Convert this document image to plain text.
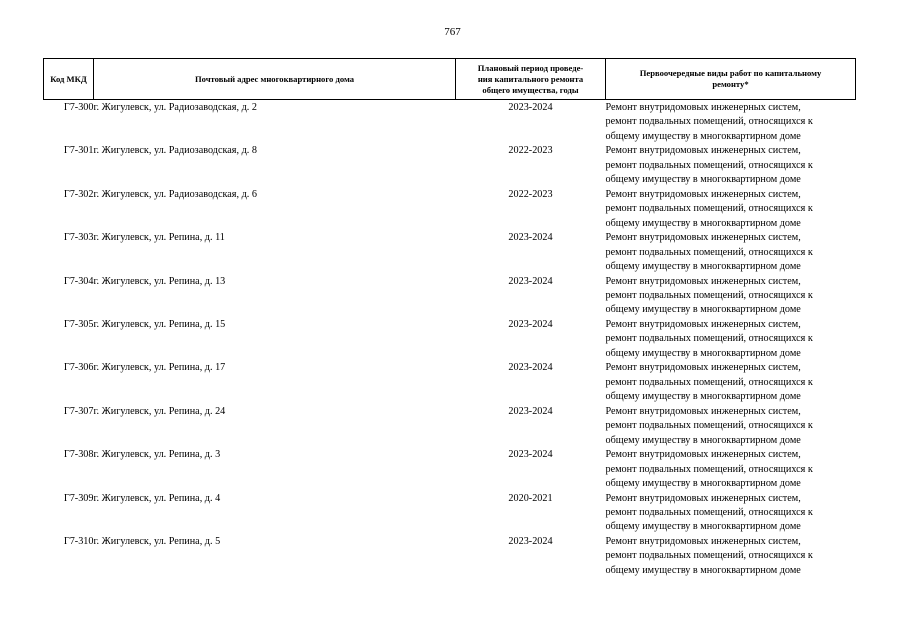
767
Код МКД	Почтовый адрес многоквартирного дома	Плановый период проведе-
ния капитального ремонта
общего имущества, годы	Первоочередные виды работ по капитальному
ремонту*

Г7-300	г. Жигулевск, ул. Радиозаводская, д. 2	2023-2024	Ремонт внутридомовых инженерных систем,
ремонт подвальных помещений, относящихся к
общему имуществу в многоквартирном доме

Г7-301	г. Жигулевск, ул. Радиозаводская, д. 8	2022-2023	Ремонт внутридомовых инженерных систем,
ремонт подвальных помещений, относящихся к
общему имуществу в многоквартирном доме

Г7-302	г. Жигулевск, ул. Радиозаводская, д. 6	2022-2023	Ремонт внутридомовых инженерных систем,
ремонт подвальных помещений, относящихся к
общему имуществу в многоквартирном доме

Г7-303	г. Жигулевск, ул. Репина, д. 11	2023-2024	Ремонт внутридомовых инженерных систем,
ремонт подвальных помещений, относящихся к
общему имуществу в многоквартирном доме

Г7-304	г. Жигулевск, ул. Репина, д. 13	2023-2024	Ремонт внутридомовых инженерных систем,
ремонт подвальных помещений, относящихся к
общему имуществу в многоквартирном доме

Г7-305	г. Жигулевск, ул. Репина, д. 15	2023-2024	Ремонт внутридомовых инженерных систем,
ремонт подвальных помещений, относящихся к
общему имуществу в многоквартирном доме

Г7-306	г. Жигулевск, ул. Репина, д. 17	2023-2024	Ремонт внутридомовых инженерных систем,
ремонт подвальных помещений, относящихся к
общему имуществу в многоквартирном доме

Г7-307	г. Жигулевск, ул. Репина, д. 24	2023-2024	Ремонт внутридомовых инженерных систем,
ремонт подвальных помещений, относящихся к
общему имуществу в многоквартирном доме

Г7-308	г. Жигулевск, ул. Репина, д. 3	2023-2024	Ремонт внутридомовых инженерных систем,
ремонт подвальных помещений, относящихся к
общему имуществу в многоквартирном доме

Г7-309	г. Жигулевск, ул. Репина, д. 4	2020-2021	Ремонт внутридомовых инженерных систем,
ремонт подвальных помещений, относящихся к
общему имуществу в многоквартирном доме

Г7-310	г. Жигулевск, ул. Репина, д. 5	2023-2024	Ремонт внутридомовых инженерных систем,
ремонт подвальных помещений, относящихся к
общему имуществу в многоквартирном доме
